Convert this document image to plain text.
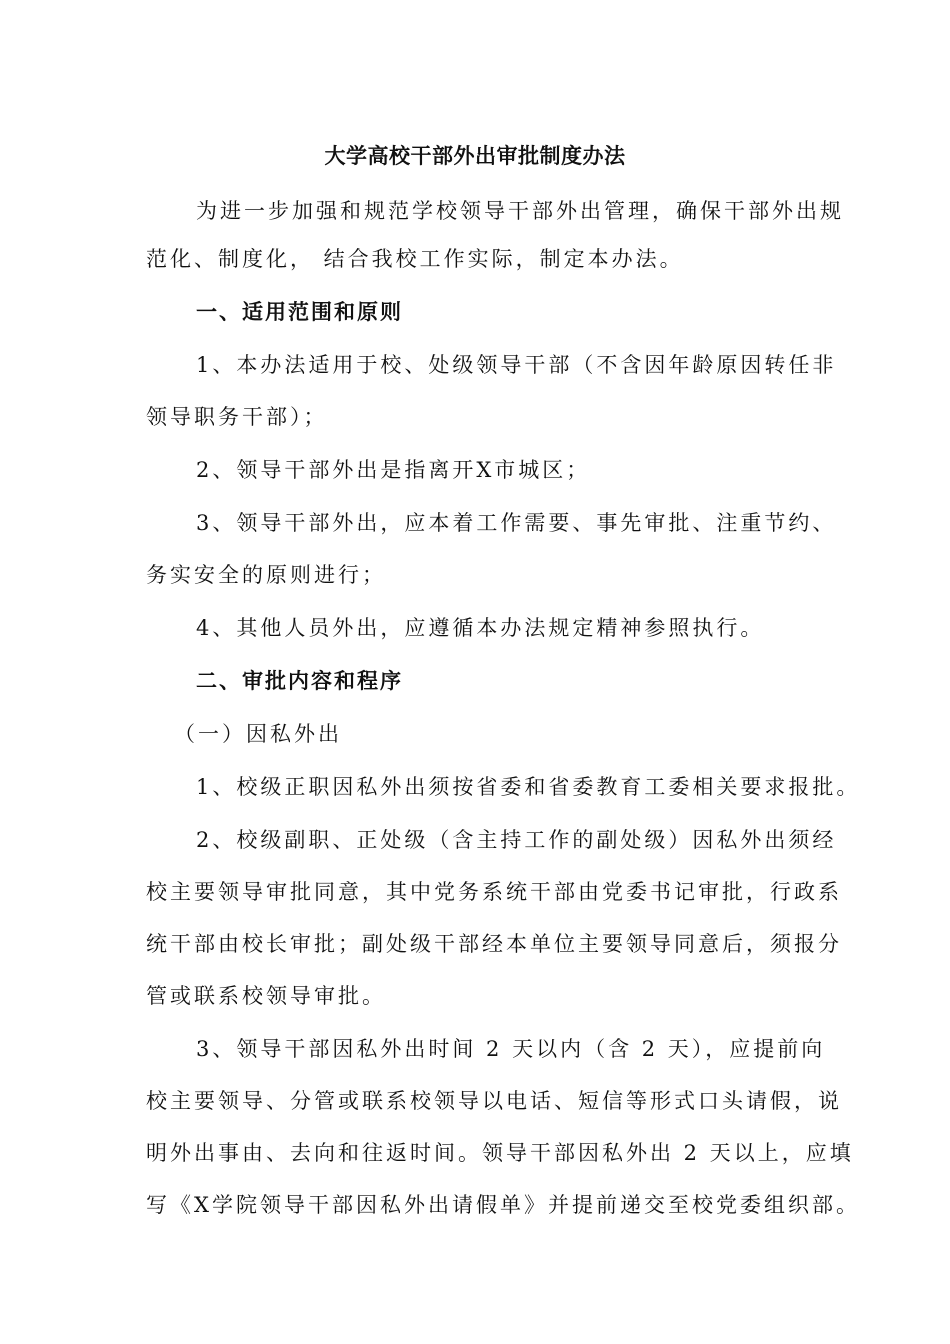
大学高校干部外出审批制度办法
为进一步加强和规范学校领导干部外出管理，确保干部外出规
范化、制度化， 结合我校工作实际，制定本办法。
一、适用范围和原则
1、本办法适用于校、处级领导干部（不含因年龄原因转任非
领导职务干部）；
2、领导干部外出是指离开X市城区；
3、领导干部外出，应本着工作需要、事先审批、注重节约、
务实安全的原则进行；
4、其他人员外出，应遵循本办法规定精神参照执行。
二、审批内容和程序
（一）因私外出
1、校级正职因私外出须按省委和省委教育工委相关要求报批。
2、校级副职、正处级（含主持工作的副处级）因私外出须经
校主要领导审批同意，其中党务系统干部由党委书记审批，行政系
统干部由校长审批；副处级干部经本单位主要领导同意后，须报分
管或联系校领导审批。
3、领导干部因私外出时间 2 天以内（含 2 天），应提前向
校主要领导、分管或联系校领导以电话、短信等形式口头请假，说
明外出事由、去向和往返时间。领导干部因私外出 2 天以上，应填
写《X学院领导干部因私外出请假单》并提前递交至校党委组织部。
